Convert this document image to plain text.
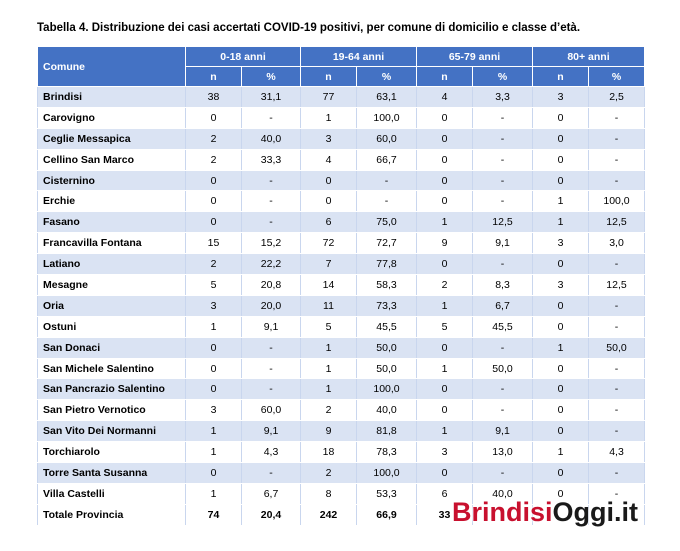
Tabella 4. Distribuzione dei casi accertati COVID-19 positivi, per comune di domicilio e classe d’età.
Comune	0-18 anni		19-64 anni		65-79 anni		80+ anni	
	n	%	n	%	n	%	n	%
Brindisi	38	31,1	77	63,1	4	3,3	3	2,5
Carovigno	0	-	1	100,0	0	-	0	-
Ceglie Messapica	2	40,0	3	60,0	0	-	0	-
Cellino San Marco	2	33,3	4	66,7	0	-	0	-
Cisternino	0	-	0	-	0	-	0	-
Erchie	0	-	0	-	0	-	1	100,0
Fasano	0	-	6	75,0	1	12,5	1	12,5
Francavilla Fontana	15	15,2	72	72,7	9	9,1	3	3,0
Latiano	2	22,2	7	77,8	0	-	0	-
Mesagne	5	20,8	14	58,3	2	8,3	3	12,5
Oria	3	20,0	11	73,3	1	6,7	0	-
Ostuni	1	9,1	5	45,5	5	45,5	0	-
San Donaci	0	-	1	50,0	0	-	1	50,0
San Michele Salentino	0	-	1	50,0	1	50,0	0	-
San Pancrazio Salentino	0	-	1	100,0	0	-	0	-
San Pietro Vernotico	3	60,0	2	40,0	0	-	0	-
San Vito Dei Normanni	1	9,1	9	81,8	1	9,1	0	-
Torchiarolo	1	4,3	18	78,3	3	13,0	1	4,3
Torre Santa Susanna	0	-	2	100,0	0	-	0	-
Villa Castelli	1	6,7	8	53,3	6	40,0	0	-
Totale Provincia	74	20,4	242	66,9	33			BrindisiOggi.it
